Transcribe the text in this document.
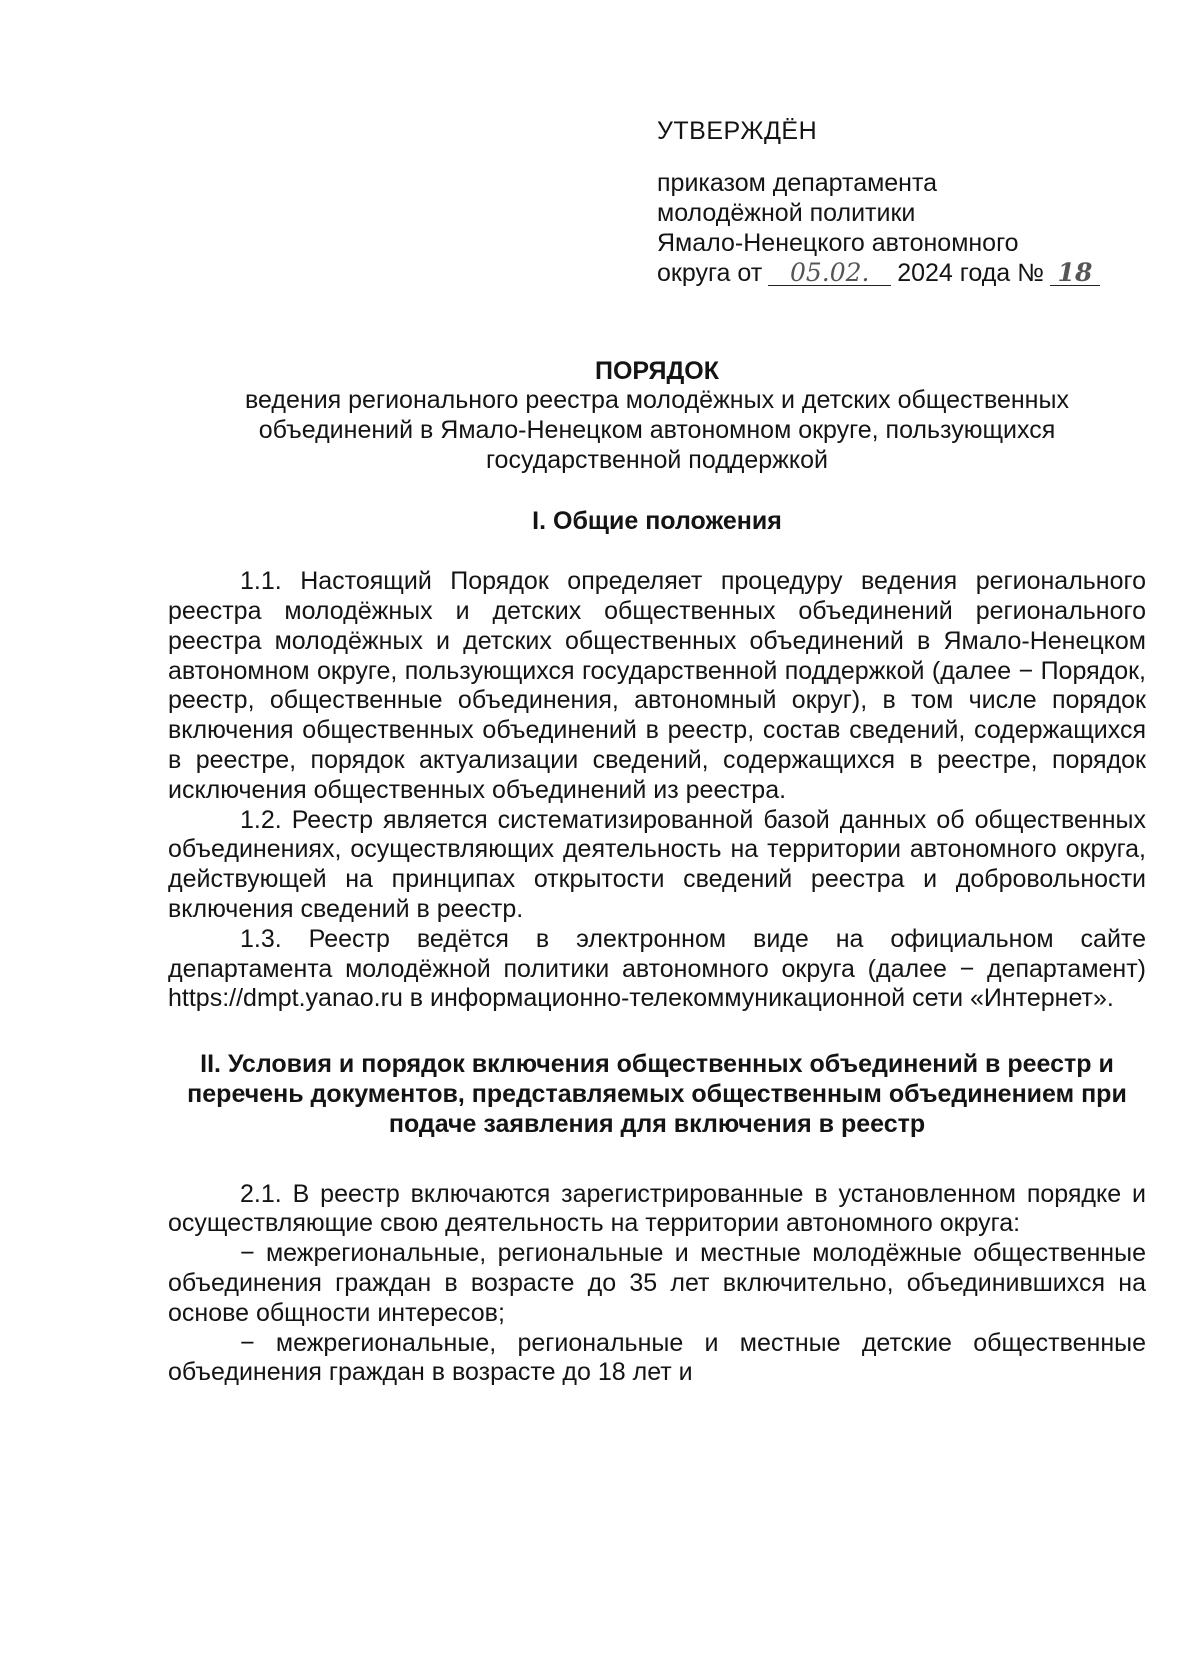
УТВЕРЖДЁН
приказом департамента
молодёжной политики
Ямало-Ненецкого автономного
округа от 05.02. 2024 года № 18
ПОРЯДОК
ведения регионального реестра молодёжных и детских общественных объединений в Ямало-Ненецком автономном округе, пользующихся государственной поддержкой
I. Общие положения

1.1. Настоящий Порядок определяет процедуру ведения регионального реестра молодёжных и детских общественных объединений регионального реестра молодёжных и детских общественных объединений в Ямало-Ненецком автономном округе, пользующихся государственной поддержкой (далее − Порядок, реестр, общественные объединения, автономный округ), в том числе порядок включения общественных объединений в реестр, состав сведений, содержащихся в реестре, порядок актуализации сведений, содержащихся в реестре, порядок исключения общественных объединений из реестра.

1.2. Реестр является систематизированной базой данных об общественных объединениях, осуществляющих деятельность на территории автономного округа, действующей на принципах открытости сведений реестра и добровольности включения сведений в реестр.

1.3. Реестр ведётся в электронном виде на официальном сайте департамента молодёжной политики автономного округа (далее − департамент) https://dmpt.yanao.ru в информационно-телекоммуникационной сети «Интернет».

II. Условия и порядок включения общественных объединений в реестр и перечень документов, представляемых общественным объединением при подаче заявления для включения в реестр

2.1. В реестр включаются зарегистрированные в установленном порядке и осуществляющие свою деятельность на территории автономного округа:

− межрегиональные, региональные и местные молодёжные общественные объединения граждан в возрасте до 35 лет включительно, объединившихся на основе общности интересов;

− межрегиональные, региональные и местные детские общественные объединения граждан в возрасте до 18 лет и
